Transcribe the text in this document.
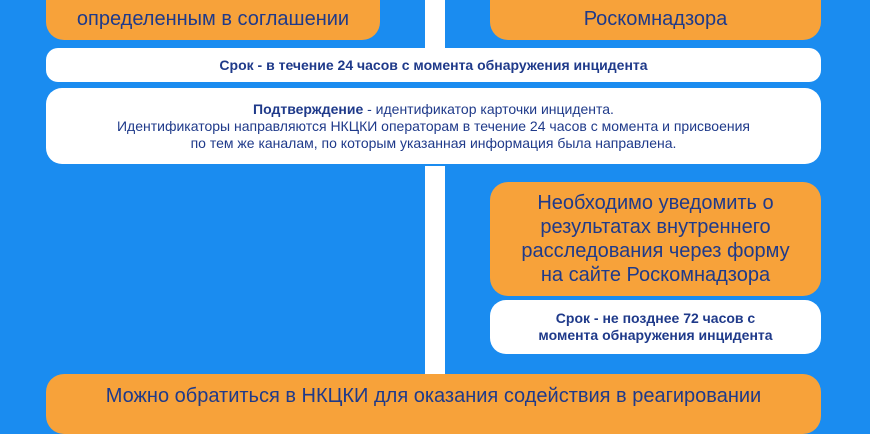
определенным в соглашении	Роскомнадзора
Срок - в течение 24 часов с момента обнаружения инцидента
Подтверждение - идентификатор карточки инцидента.
Идентификаторы направляются НКЦКИ операторам в течение 24 часов с момента и присвоения
по тем же каналам, по которым указанная информация была направлена.
Необходимо уведомить о
результатах внутреннего
расследования через форму
на сайте Роскомнадзора
Срок - не позднее 72 часов с
момента обнаружения инцидента
Можно обратиться в НКЦКИ для оказания содействия в реагировании
